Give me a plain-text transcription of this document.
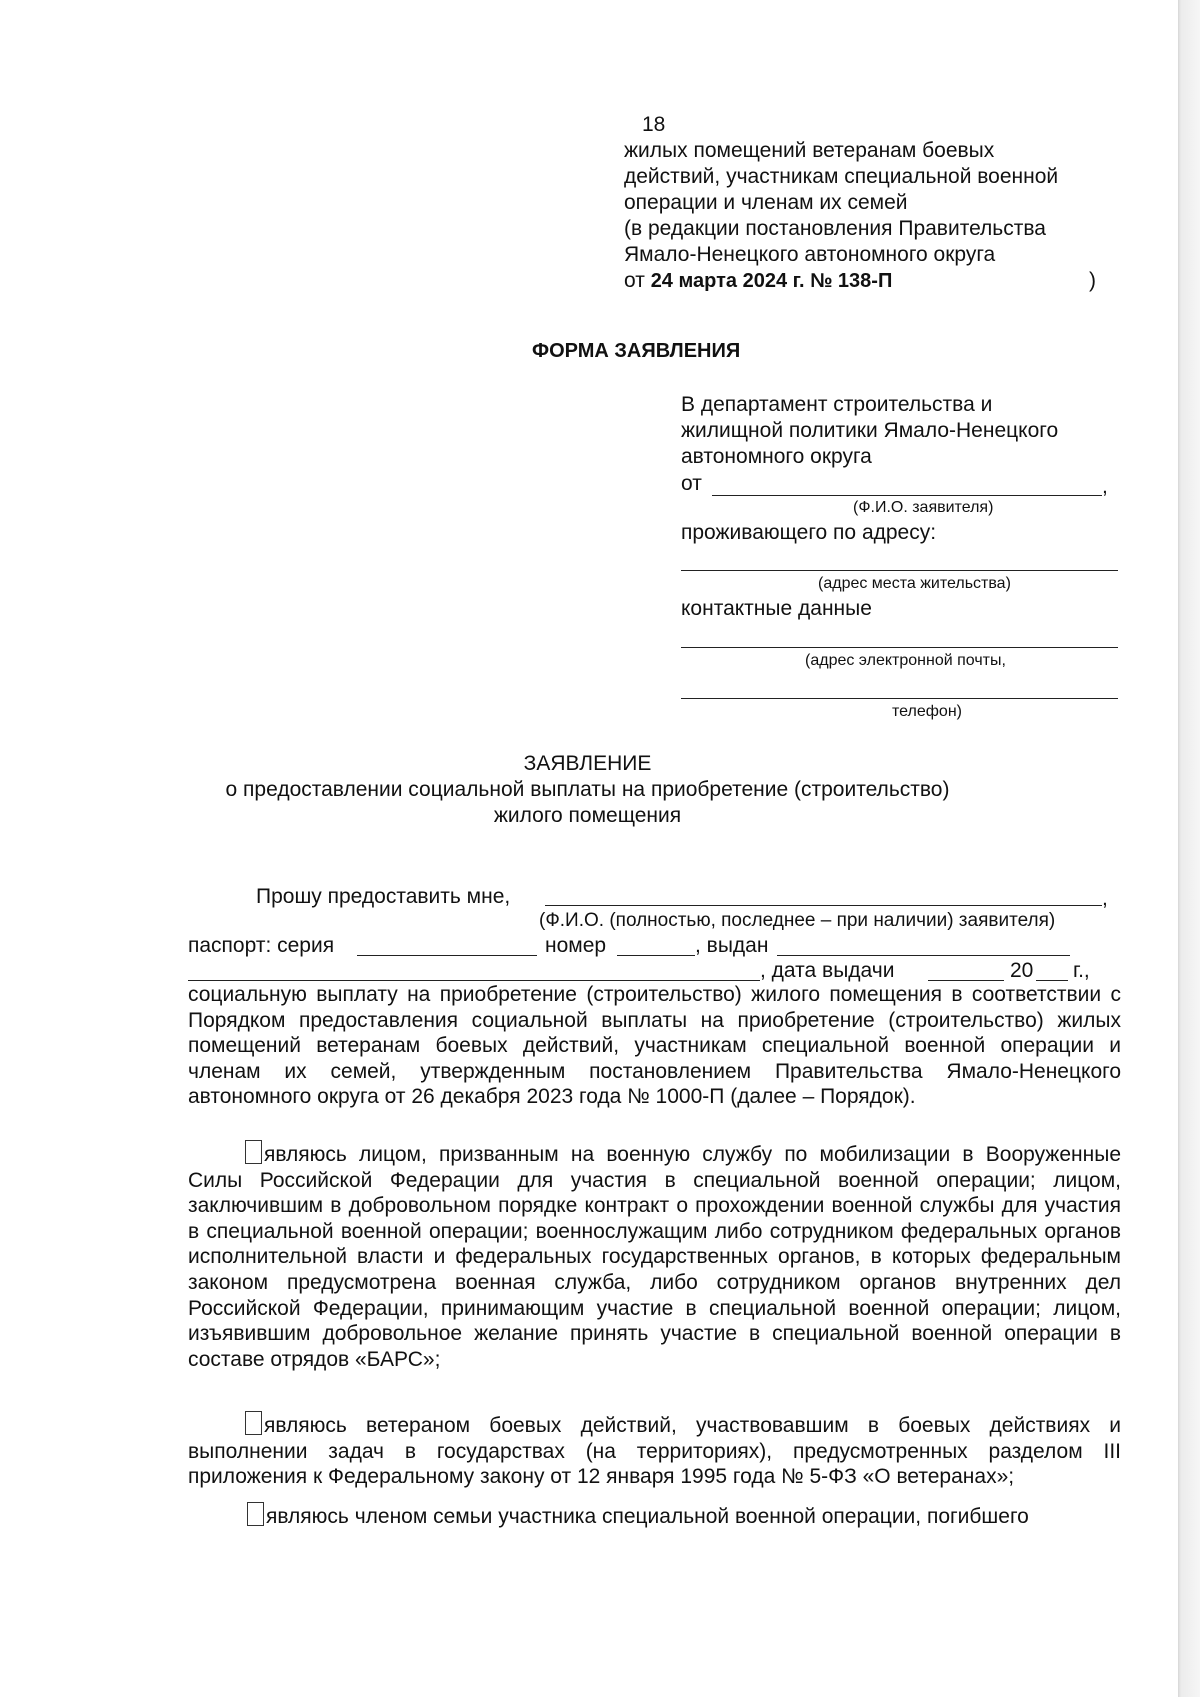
18
жилых помещений ветеранам боевых
действий, участникам специальной военной
операции и членам их семей
(в редакции постановления Правительства
Ямало-Ненецкого автономного округа
от 24 марта 2024 г. № 138-П	)
ФОРМА ЗАЯВЛЕНИЯ
В департамент строительства и
жилищной политики Ямало-Ненецкого
автономного округа
от	,
(Ф.И.О. заявителя)
проживающего по адресу:
(адрес места жительства)
контактные данные
(адрес электронной почты,
телефон)
ЗАЯВЛЕНИЕ
о предоставлении социальной выплаты на приобретение (строительство)
жилого помещения
Прошу предоставить мне,	,
(Ф.И.О. (полностью, последнее – при наличии) заявителя)
паспорт: серия	номер	, выдан
, дата выдачи	20 г.,
социальную выплату на приобретение (строительство) жилого помещения в соответствии с Порядком предоставления социальной выплаты на приобретение (строительство) жилых помещений ветеранам боевых действий, участникам специальной военной операции и членам их семей, утвержденным постановлением Правительства Ямало-Ненецкого автономного округа от 26 декабря 2023 года № 1000-П (далее – Порядок).
являюсь лицом, призванным на военную службу по мобилизации в Вооруженные Силы Российской Федерации для участия в специальной военной операции; лицом, заключившим в добровольном порядке контракт о прохождении военной службы для участия в специальной военной операции; военнослужащим либо сотрудником федеральных органов исполнительной власти и федеральных государственных органов, в которых федеральным законом предусмотрена военная служба, либо сотрудником органов внутренних дел Российской Федерации, принимающим участие в специальной военной операции; лицом, изъявившим добровольное желание принять участие в специальной военной операции в составе отрядов «БАРС»;
являюсь ветераном боевых действий, участвовавшим в боевых действиях и выполнении задач в государствах (на территориях), предусмотренных разделом III приложения к Федеральному закону от 12 января 1995 года № 5-ФЗ «О ветеранах»;
являюсь членом семьи участника специальной военной операции, погибшего
